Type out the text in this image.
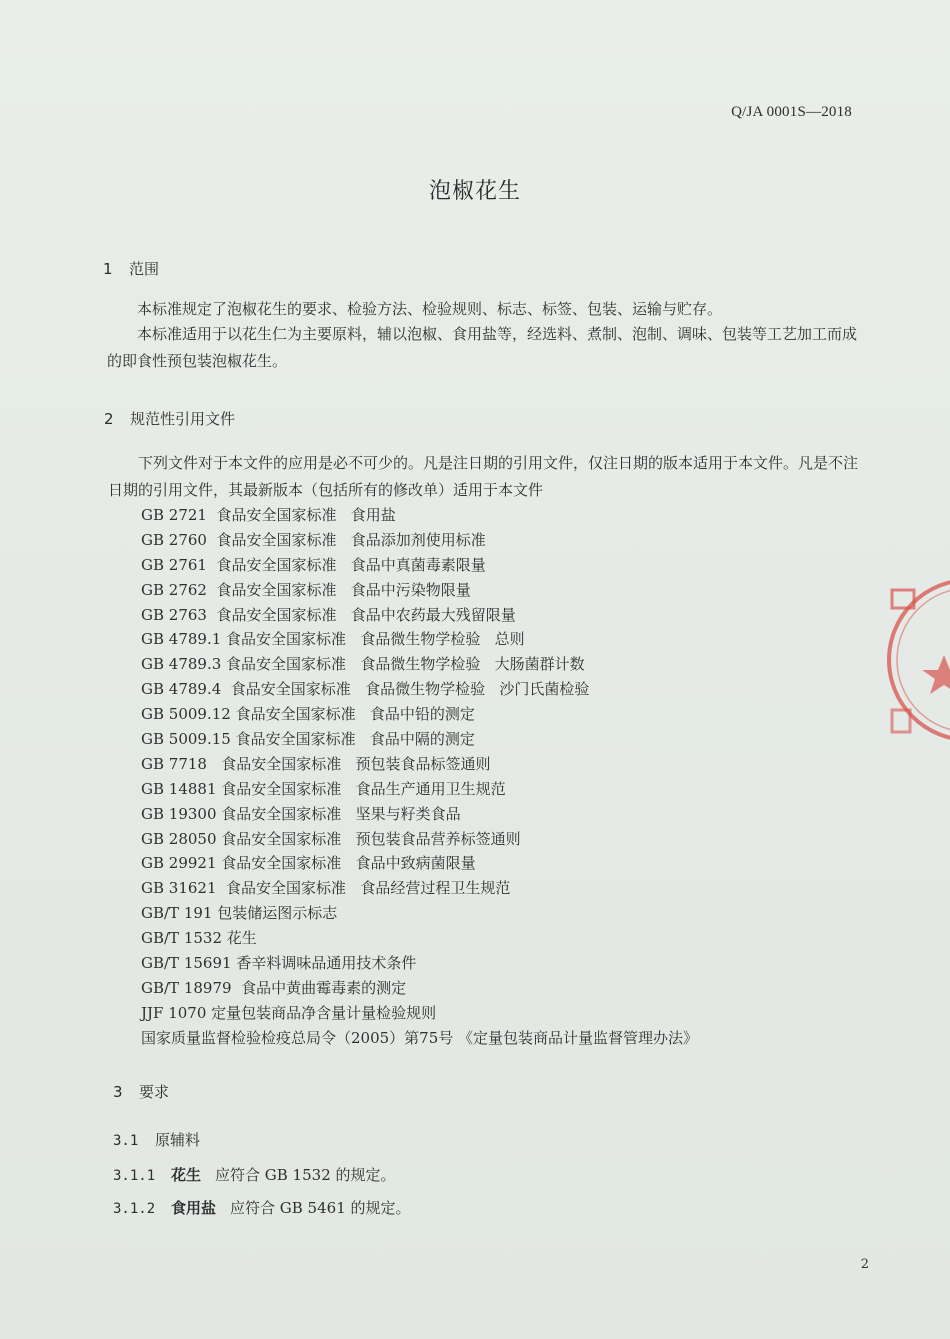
Q/JA 0001S—2018
泡椒花生
1 范围
本标准规定了泡椒花生的要求、检验方法、检验规则、标志、标签、包装、运输与贮存。
本标准适用于以花生仁为主要原料，辅以泡椒、食用盐等，经选料、煮制、泡制、调味、包装等工艺加工而成的即食性预包装泡椒花生。
2 规范性引用文件
下列文件对于本文件的应用是必不可少的。凡是注日期的引用文件，仅注日期的版本适用于本文件。凡是不注日期的引用文件，其最新版本（包括所有的修改单）适用于本文件
GB 2721  食品安全国家标准   食用盐
GB 2760  食品安全国家标准   食品添加剂使用标准
GB 2761  食品安全国家标准   食品中真菌毒素限量
GB 2762  食品安全国家标准   食品中污染物限量
GB 2763  食品安全国家标准   食品中农药最大残留限量
GB 4789.1 食品安全国家标准   食品微生物学检验   总则
GB 4789.3 食品安全国家标准   食品微生物学检验   大肠菌群计数
GB 4789.4  食品安全国家标准   食品微生物学检验   沙门氏菌检验
GB 5009.12 食品安全国家标准   食品中铅的测定
GB 5009.15 食品安全国家标准   食品中隔的测定
GB 7718   食品安全国家标准   预包装食品标签通则
GB 14881 食品安全国家标准   食品生产通用卫生规范
GB 19300 食品安全国家标准   坚果与籽类食品
GB 28050 食品安全国家标准   预包装食品营养标签通则
GB 29921 食品安全国家标准   食品中致病菌限量
GB 31621  食品安全国家标准   食品经营过程卫生规范
GB/T 191 包装储运图示标志
GB/T 1532 花生
GB/T 15691 香辛料调味品通用技术条件
GB/T 18979  食品中黄曲霉毒素的测定
JJF 1070 定量包装商品净含量计量检验规则
国家质量监督检验检疫总局令（2005）第75号 《定量包装商品计量监督管理办法》
3 要求
3.1 原辅料
3.1.1 花生 应符合 GB 1532 的规定。
3.1.2 食用盐 应符合 GB 5461 的规定。
2
